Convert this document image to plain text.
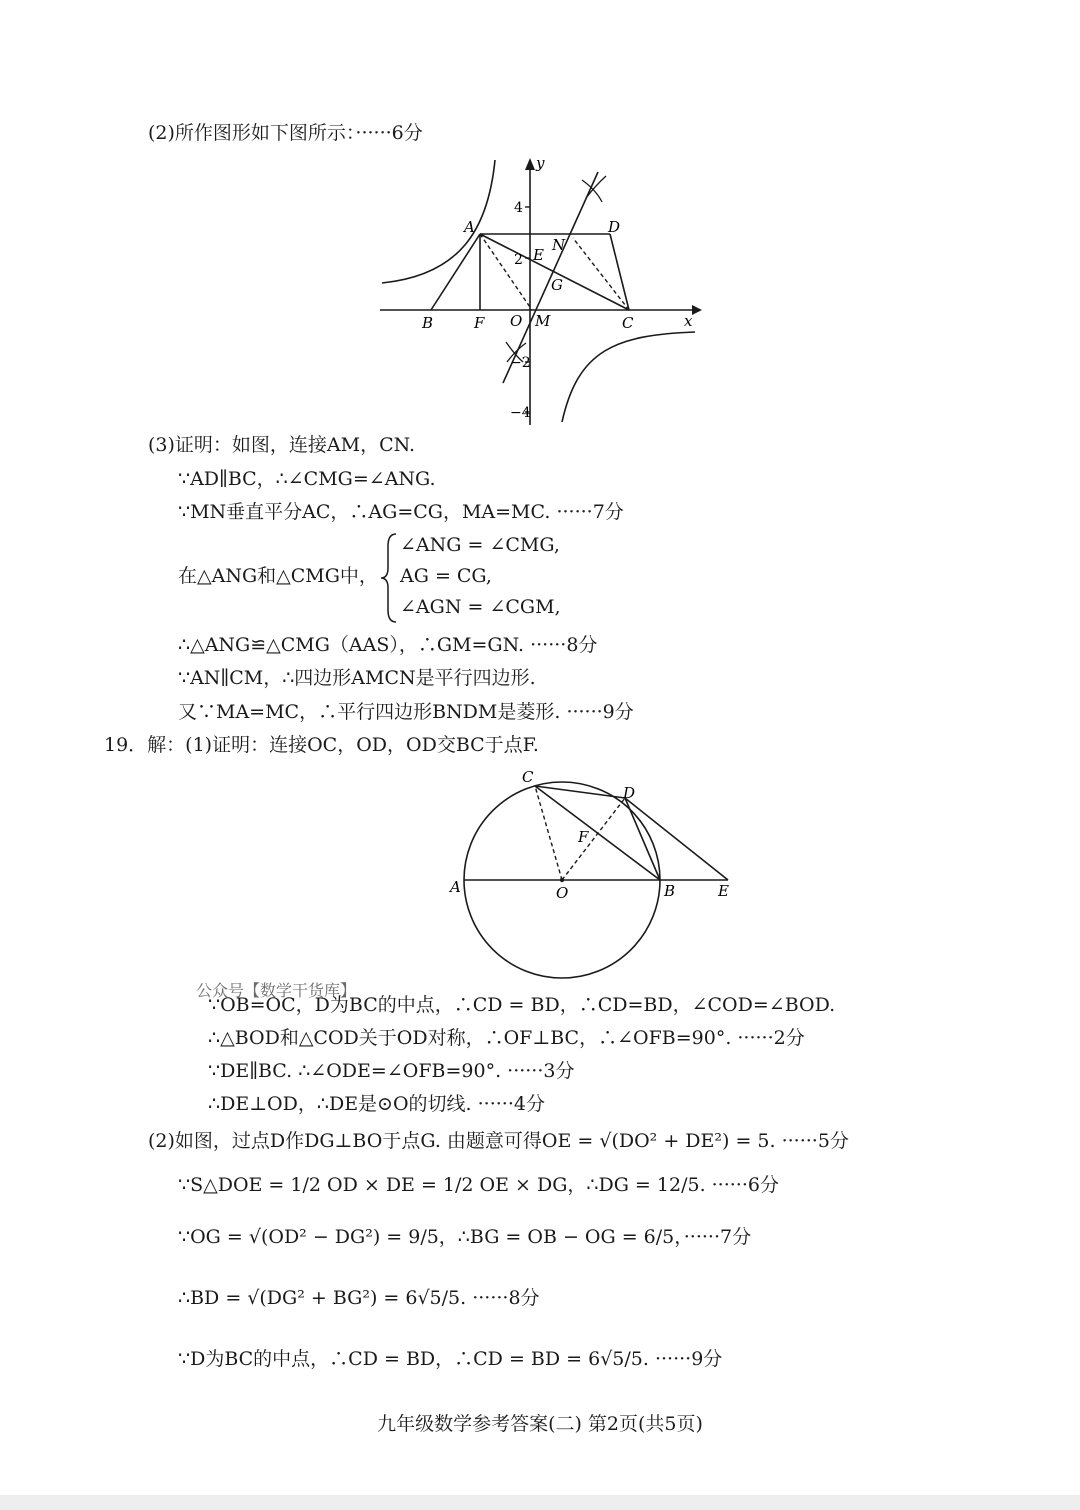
(2)所作图形如下图所示：······6分
A	D
E
N
G
B	F O M	C	x
y
4
2
−2
−4
(3)证明：如图，连接AM，CN.
∵AD∥BC，∴∠CMG=∠ANG.
∵MN垂直平分AC，∴AG=CG，MA=MC. ······7分
在△ANG和△CMG中，
∠ANG = ∠CMG,
AG = CG,
∠AGN = ∠CGM,
∴△ANG≌△CMG（AAS），∴GM=GN. ······8分
∵AN∥CM，∴四边形AMCN是平行四边形.
又∵MA=MC，∴平行四边形BNDM是菱形. ······9分
19．解：(1)证明：连接OC，OD，OD交BC于点F.
C
D
F
A	O	B	E
公众号【数学干货库】
∵OB=OC，D为BC的中点，∴CD = BD，∴CD=BD，∠COD=∠BOD.
∴△BOD和△COD关于OD对称，∴OF⊥BC，∴∠OFB=90°. ······2分
∵DE∥BC. ∴∠ODE=∠OFB=90°. ······3分
∴DE⊥OD，∴DE是⊙O的切线. ······4分
(2)如图，过点D作DG⊥BO于点G. 由题意可得OE = √(DO² + DE²) = 5. ······5分
∵S△DOE = 1/2 OD × DE = 1/2 OE × DG，∴DG = 12/5. ······6分
∵OG = √(OD² − DG²) = 9/5，∴BG = OB − OG = 6/5，······7分
∴BD = √(DG² + BG²) = 6√5/5. ······8分
∵D为BC的中点，∴CD = BD，∴CD = BD = 6√5/5. ······9分
九年级数学参考答案(二) 第2页(共5页)
